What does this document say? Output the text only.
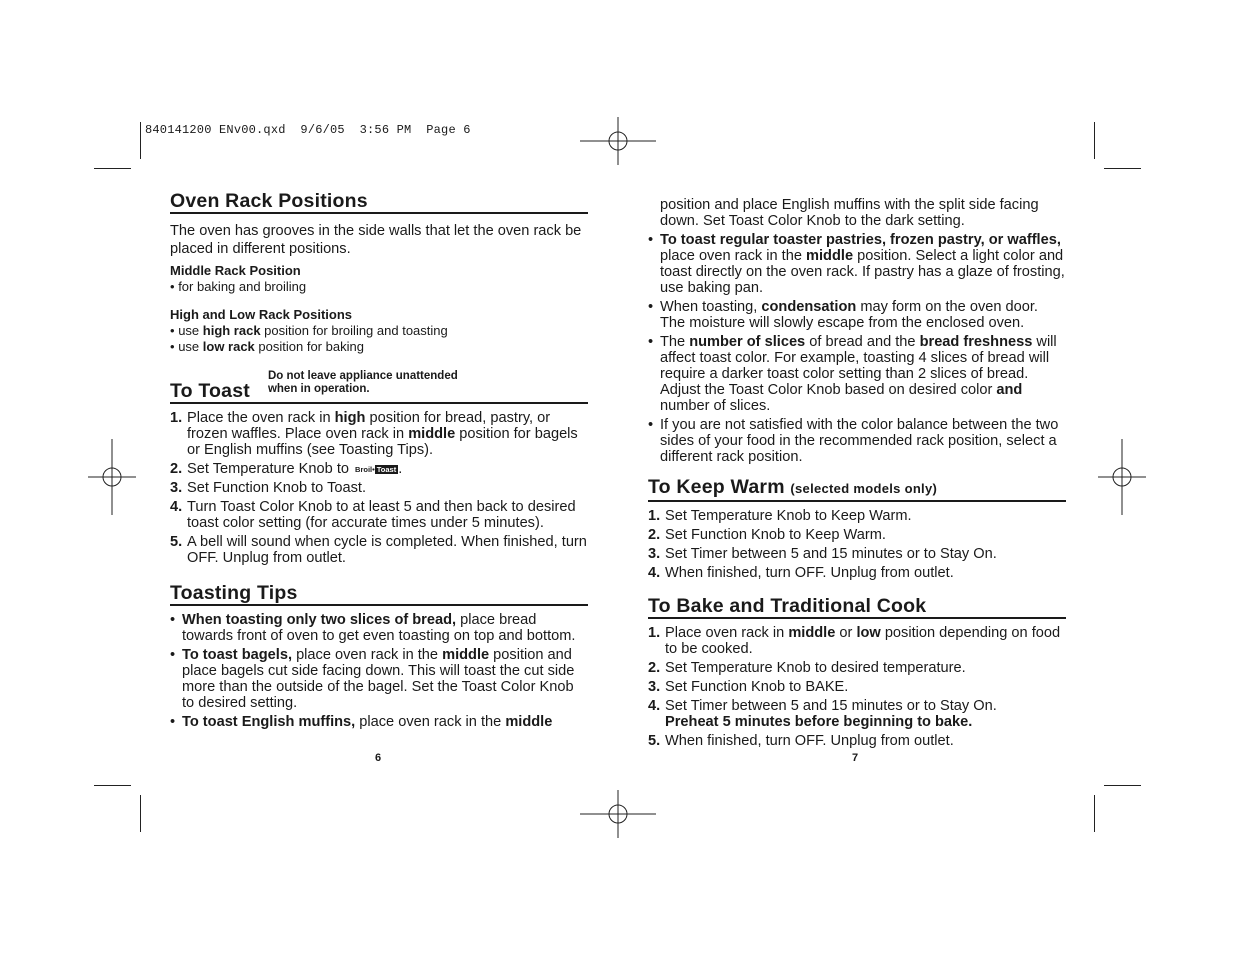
840141200 ENv00.qxd  9/6/05  3:56 PM  Page 6
Oven Rack Positions

The oven has grooves in the side walls that let the oven rack be placed in different positions.

Middle Rack Position

• for baking and broiling

High and Low Rack Positions

• use high rack position for broiling and toasting

• use low rack position for baking

To Toast
Do not leave appliance unattended
when in operation.
1. Place the oven rack in high position for bread, pastry, or frozen waffles. Place oven rack in middle position for bagels or English muffins (see Toasting Tips).
2. Set Temperature Knob to Broil• Toast .
3. Set Function Knob to Toast.
4. Turn Toast Color Knob to at least 5 and then back to desired toast color setting (for accurate times under 5 minutes).
5. A bell will sound when cycle is completed. When finished, turn OFF. Unplug from outlet.
Toasting Tips
• When toasting only two slices of bread, place bread towards front of oven to get even toasting on top and bottom.
• To toast bagels, place oven rack in the middle position and place bagels cut side facing down. This will toast the cut side more than the outside of the bagel. Set the Toast Color Knob to desired setting.
• To toast English muffins, place oven rack in the middle
6
position and place English muffins with the split side facing down. Set Toast Color Knob to the dark setting.
• To toast regular toaster pastries, frozen pastry, or waffles, place oven rack in the middle position. Select a light color and toast directly on the oven rack. If pastry has a glaze of frosting, use baking pan.
• When toasting, condensation may form on the oven door. The moisture will slowly escape from the enclosed oven.
• The number of slices of bread and the bread freshness will affect toast color. For example, toasting 4 slices of bread will require a darker toast color setting than 2 slices of bread. Adjust the Toast Color Knob based on desired color and number of slices.
• If you are not satisfied with the color balance between the two sides of your food in the recommended rack position, select a different rack position.
To Keep Warm (selected models only)
1. Set Temperature Knob to Keep Warm.
2. Set Function Knob to Keep Warm.
3. Set Timer between 5 and 15 minutes or to Stay On.
4. When finished, turn OFF. Unplug from outlet.
To Bake and Traditional Cook
1. Place oven rack in middle or low position depending on food to be cooked.
2. Set Temperature Knob to desired temperature.
3. Set Function Knob to BAKE.
4. Set Timer between 5 and 15 minutes or to Stay On.
Preheat 5 minutes before beginning to bake.
5. When finished, turn OFF. Unplug from outlet.
7
